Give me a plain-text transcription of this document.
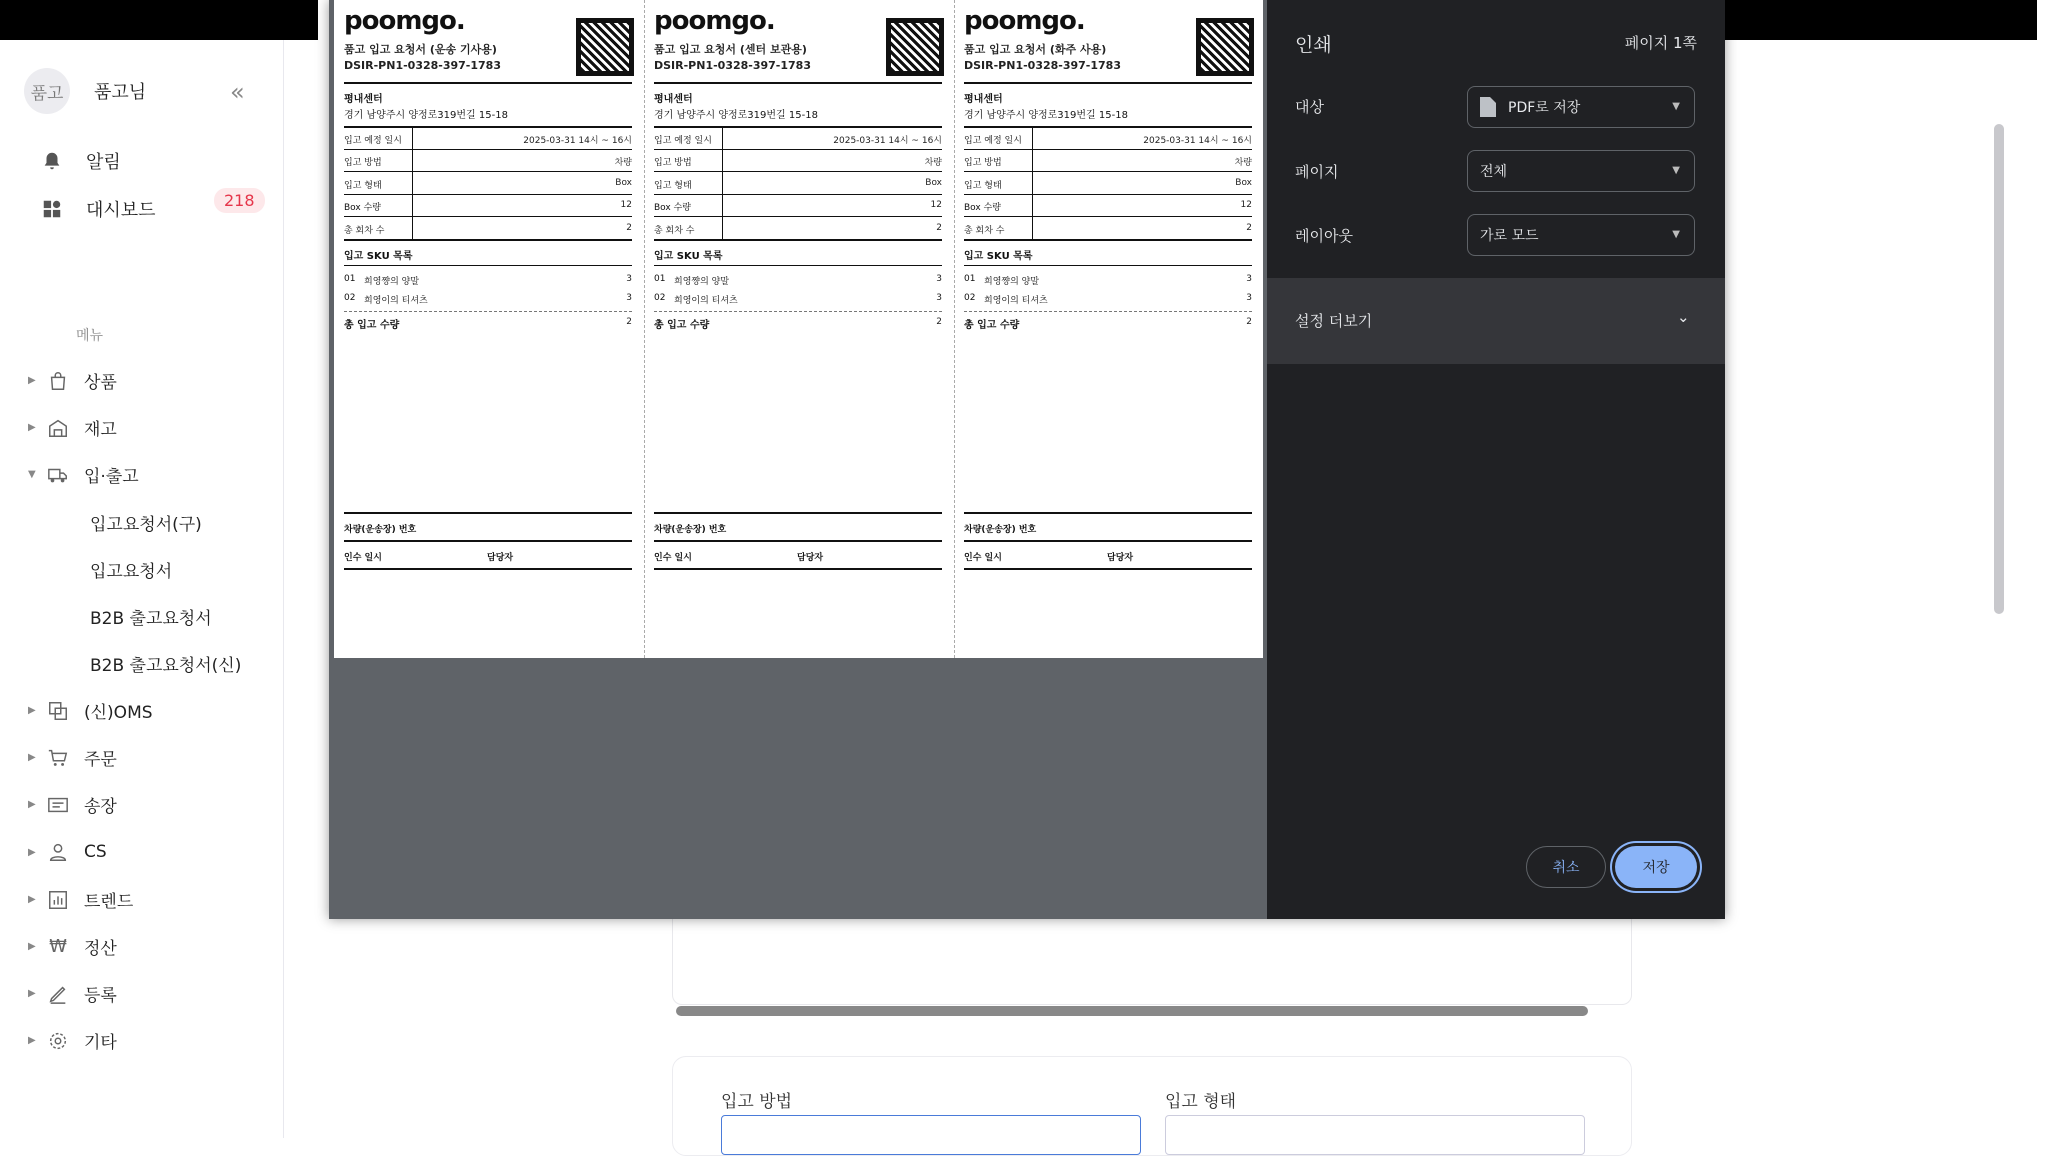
품고	품고님	«
알림
218
대시보드
메뉴
▶	상품
▶	재고
▼	입·출고
입고요청서(구)
입고요청서
B2B 출고요청서
B2B 출고요청서(신)
▶	(신)OMS
▶	주문
▶	송장
▶	CS
▶	트렌드
▶ ₩ 정산
▶	등록
▶	기타
입고 방법	입고 형태
poomgo.
품고 입고 요청서 (운송 기사용)
DSIR-PN1-0328-397-1783
평내센터
경기 남양주시 양정로319번길 15-18
입고 예정 일시	2025-03-31 14시 ~ 16시
입고 방법	차량
입고 형태	Box
Box 수량	12
총 회차 수	2
입고 SKU 목록
01 희영쨩의 양말	3
02 희영이의 티셔츠	3
총 입고 수량	2
차량(운송장) 번호
인수 일시	담당자
poomgo.
품고 입고 요청서 (센터 보관용)
DSIR-PN1-0328-397-1783
평내센터
경기 남양주시 양정로319번길 15-18
입고 예정 일시	2025-03-31 14시 ~ 16시
입고 방법	차량
입고 형태	Box
Box 수량	12
총 회차 수	2
입고 SKU 목록
01 희영쨩의 양말	3
02 희영이의 티셔츠	3
총 입고 수량	2
차량(운송장) 번호
인수 일시	담당자
poomgo.
품고 입고 요청서 (화주 사용)
DSIR-PN1-0328-397-1783
평내센터
경기 남양주시 양정로319번길 15-18
입고 예정 일시	2025-03-31 14시 ~ 16시
입고 방법	차량
입고 형태	Box
Box 수량	12
총 회차 수	2
입고 SKU 목록
01 희영쨩의 양말	3
02 희영이의 티셔츠	3
총 입고 수량	2
차량(운송장) 번호
인수 일시	담당자
인쇄	페이지 1쪽
대상	PDF로 저장	▼
페이지	전체	▼
레이아웃	가로 모드	▼
설정 더보기	⌄
취소	저장
